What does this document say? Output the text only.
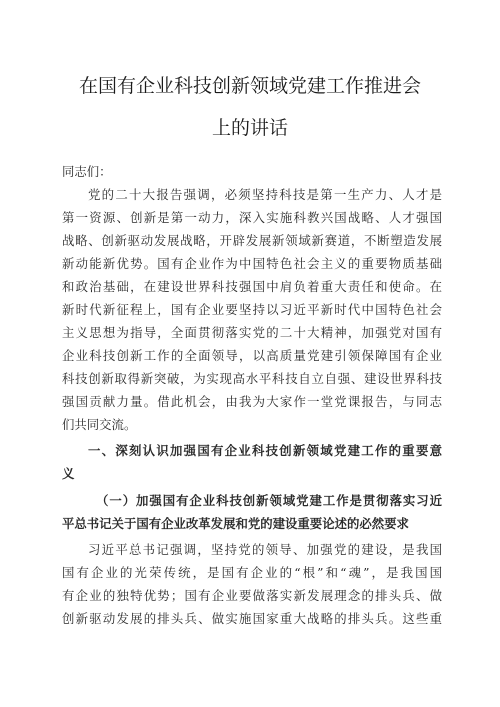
在国有企业科技创新领域党建工作推进会
上的讲话
同志们：
党的二十大报告强调，必须坚持科技是第一生产力、人才是
第一资源、创新是第一动力，深入实施科教兴国战略、人才强国
战略、创新驱动发展战略，开辟发展新领域新赛道，不断塑造发展
新动能新优势。国有企业作为中国特色社会主义的重要物质基础
和政治基础，在建设世界科技强国中肩负着重大责任和使命。在
新时代新征程上，国有企业要坚持以习近平新时代中国特色社会
主义思想为指导，全面贯彻落实党的二十大精神，加强党对国有
企业科技创新工作的全面领导，以高质量党建引领保障国有企业
科技创新取得新突破，为实现高水平科技自立自强、建设世界科技
强国贡献力量。借此机会，由我为大家作一堂党课报告，与同志
们共同交流。
一、深刻认识加强国有企业科技创新领域党建工作的重要意
义
（一）加强国有企业科技创新领域党建工作是贯彻落实习近
平总书记关于国有企业改革发展和党的建设重要论述的必然要求
习近平总书记强调，坚持党的领导、加强党的建设，是我国
国有企业的光荣传统，是国有企业的“根”和“魂”，是我国国
有企业的独特优势；国有企业要做落实新发展理念的排头兵、做
创新驱动发展的排头兵、做实施国家重大战略的排头兵。这些重
